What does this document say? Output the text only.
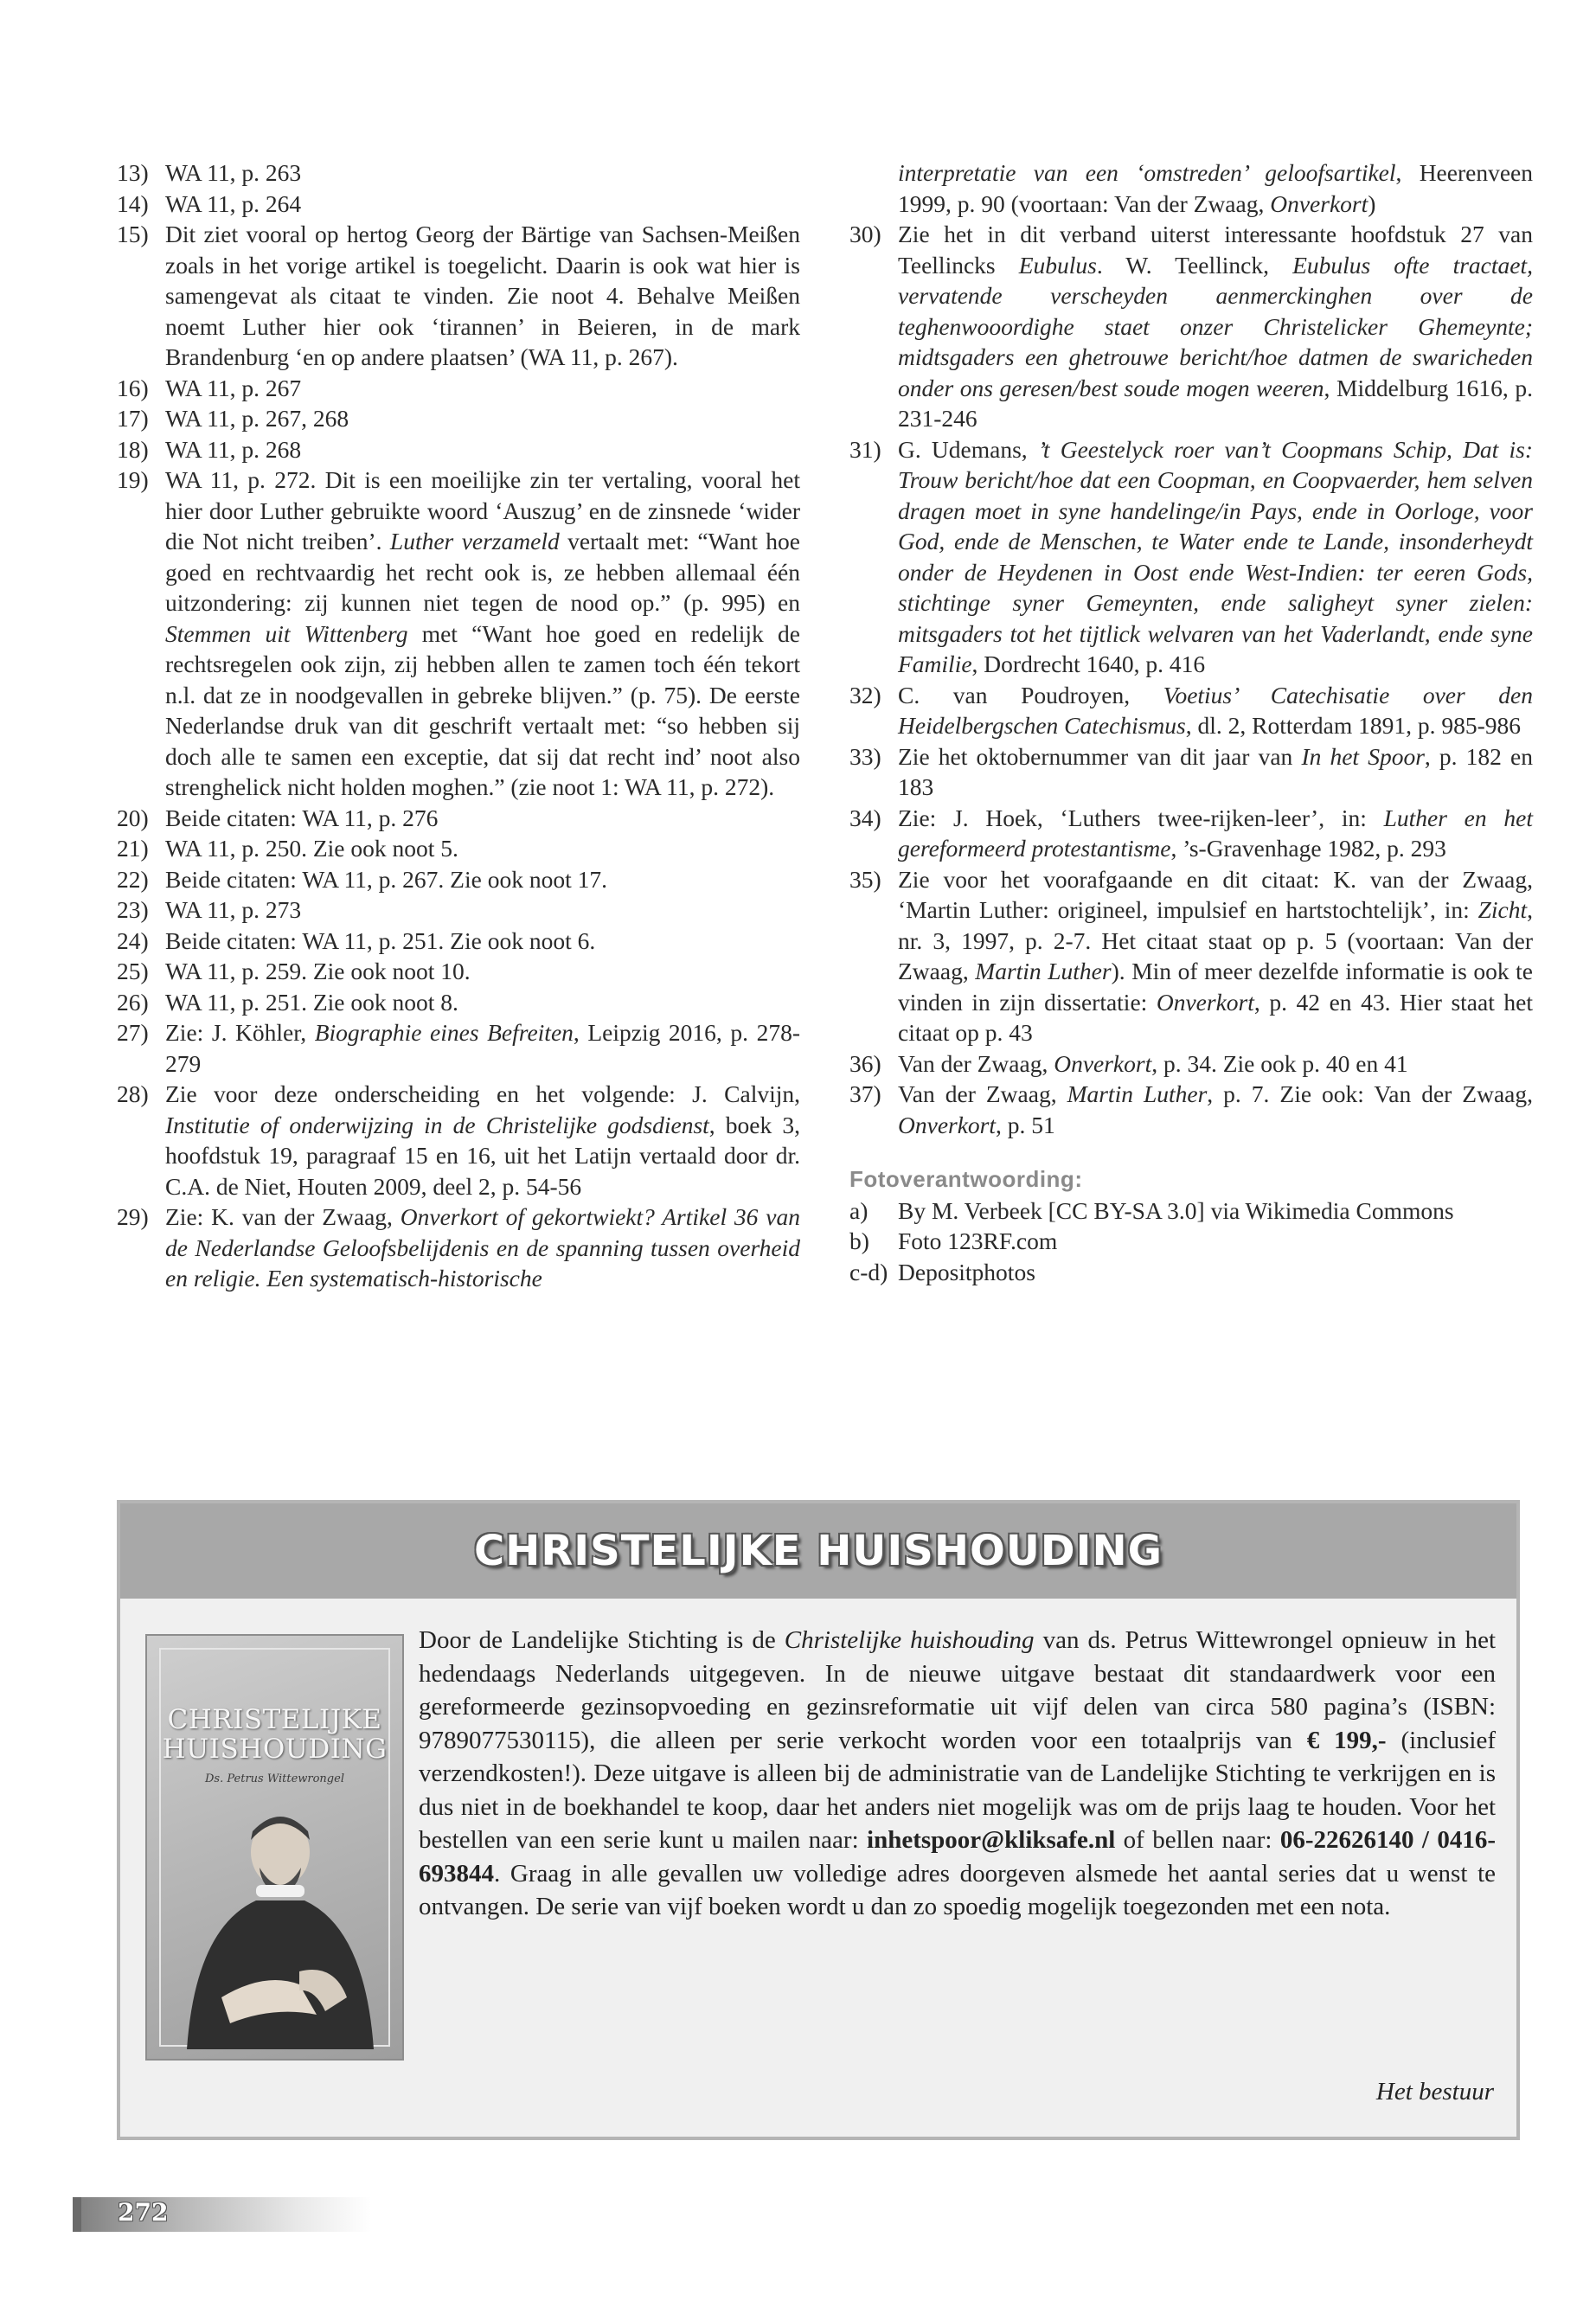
13) WA 11, p. 263
14) WA 11, p. 264
15) Dit ziet vooral op hertog Georg der Bärtige van Sachsen-Meißen zoals in het vorige artikel is toegelicht. Daarin is ook wat hier is samengevat als citaat te vinden. Zie noot 4. Behalve Meißen noemt Luther hier ook ‘tirannen’ in Beieren, in de mark Brandenburg ‘en op andere plaatsen’ (WA 11, p. 267).
16) WA 11, p. 267
17) WA 11, p. 267, 268
18) WA 11, p. 268
19) WA 11, p. 272. Dit is een moeilijke zin ter vertaling, vooral het hier door Luther gebruikte woord ‘Auszug’ en de zinsnede ‘wider die Not nicht treiben’. Luther verzameld vertaalt met: “Want hoe goed en rechtvaardig het recht ook is, ze hebben allemaal één uitzondering: zij kunnen niet tegen de nood op.” (p. 995) en Stemmen uit Wittenberg met “Want hoe goed en redelijk de rechtsregelen ook zijn, zij hebben allen te zamen toch één tekort n.l. dat ze in noodgevallen in gebreke blijven.” (p. 75). De eerste Nederlandse druk van dit geschrift vertaalt met: “so hebben sij doch alle te samen een exceptie, dat sij dat recht ind’ noot also strenghelick nicht holden moghen.” (zie noot 1: WA 11, p. 272).
20) Beide citaten: WA 11, p. 276
21) WA 11, p. 250. Zie ook noot 5.
22) Beide citaten: WA 11, p. 267. Zie ook noot 17.
23) WA 11, p. 273
24) Beide citaten: WA 11, p. 251. Zie ook noot 6.
25) WA 11, p. 259. Zie ook noot 10.
26) WA 11, p. 251. Zie ook noot 8.
27) Zie: J. Köhler, Biographie eines Befreiten, Leipzig 2016, p. 278-279
28) Zie voor deze onderscheiding en het volgende: J. Calvijn, Institutie of onderwijzing in de Christelijke godsdienst, boek 3, hoofdstuk 19, paragraaf 15 en 16, uit het Latijn vertaald door dr. C.A. de Niet, Houten 2009, deel 2, p. 54-56
29) Zie: K. van der Zwaag, Onverkort of gekortwiekt? Artikel 36 van de Nederlandse Geloofsbelijdenis en de spanning tussen overheid en religie. Een systematisch-historische
interpretatie van een ‘omstreden’ geloofsartikel, Heerenveen 1999, p. 90 (voortaan: Van der Zwaag, Onverkort)
30) Zie het in dit verband uiterst interessante hoofdstuk 27 van Teellincks Eubulus. W. Teellinck, Eubulus ofte tractaet, vervatende verscheyden aenmerckinghen over de teghenwooordighe staet onzer Christelicker Ghemeynte; midtsgaders een ghetrouwe bericht/hoe datmen de swaricheden onder ons geresen/best soude mogen weeren, Middelburg 1616, p. 231-246
31) G. Udemans, ’t Geestelyck roer van’t Coopmans Schip, Dat is: Trouw bericht/hoe dat een Coopman, en Coopvaerder, hem selven dragen moet in syne handelinge/in Pays, ende in Oorloge, voor God, ende de Menschen, te Water ende te Lande, insonderheydt onder de Heydenen in Oost ende West-Indien: ter eeren Gods, stichtinge syner Gemeynten, ende saligheyt syner zielen: mitsgaders tot het tijtlick welvaren van het Vaderlandt, ende syne Familie, Dordrecht 1640, p. 416
32) C. van Poudroyen, Voetius’ Catechisatie over den Heidelbergschen Catechismus, dl. 2, Rotterdam 1891, p. 985-986
33) Zie het oktobernummer van dit jaar van In het Spoor, p. 182 en 183
34) Zie: J. Hoek, ‘Luthers twee-rijken-leer’, in: Luther en het gereformeerd protestantisme, ’s-Gravenhage 1982, p. 293
35) Zie voor het voorafgaande en dit citaat: K. van der Zwaag, ‘Martin Luther: origineel, impulsief en hartstochtelijk’, in: Zicht, nr. 3, 1997, p. 2-7. Het citaat staat op p. 5 (voortaan: Van der Zwaag, Martin Luther). Min of meer dezelfde informatie is ook te vinden in zijn dissertatie: Onverkort, p. 42 en 43. Hier staat het citaat op p. 43
36) Van der Zwaag, Onverkort, p. 34. Zie ook p. 40 en 41
37) Van der Zwaag, Martin Luther, p. 7. Zie ook: Van der Zwaag, Onverkort, p. 51
Fotoverantwoording:
a)	By M. Verbeek [CC BY-SA 3.0] via Wikimedia Commons
b)	Foto 123RF.com
c-d) Depositphotos
CHRISTELIJKE HUISHOUDING
CHRISTELIJKE
HUISHOUDING
Ds. Petrus Wittewrongel
Door de Landelijke Stichting is de Christelijke huishouding van ds. Petrus Wittewrongel opnieuw in het hedendaags Nederlands uitgegeven. In de nieuwe uitgave bestaat dit standaardwerk voor een gereformeerde gezinsopvoeding en gezinsreformatie uit vijf delen van circa 580 pagina’s (ISBN: 9789077530115), die alleen per serie verkocht worden voor een totaalprijs van € 199,- (inclusief verzendkosten!). Deze uitgave is alleen bij de administratie van de Landelijke Stichting te verkrijgen en is dus niet in de boekhandel te koop, daar het anders niet mogelijk was om de prijs laag te houden. Voor het bestellen van een serie kunt u mailen naar: inhetspoor@kliksafe.nl of bellen naar: 06-22626140 / 0416-693844. Graag in alle gevallen uw volledige adres doorgeven alsmede het aantal series dat u wenst te ontvangen. De serie van vijf boeken wordt u dan zo spoedig mogelijk toegezonden met een nota.
Het bestuur
272
